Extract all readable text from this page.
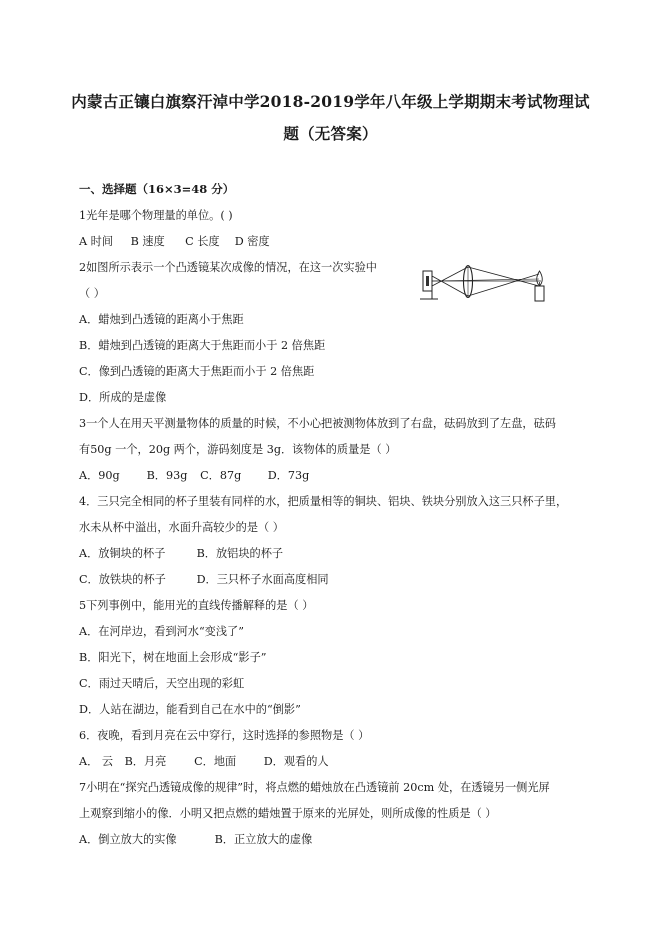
内蒙古正镶白旗察汗淖中学2018-2019学年八年级上学期期末考试物理试
题（无答案）
一、选择题（16×3=48 分）
1光年是哪个物理量的单位。( )
A 时间 B 速度 C 长度 D 密度
2如图所示表示一个凸透镜某次成像的情况，在这一次实验中
（ ）
A．蜡烛到凸透镜的距离小于焦距
B．蜡烛到凸透镜的距离大于焦距而小于 2 倍焦距
C．像到凸透镜的距离大于焦距而小于 2 倍焦距
D．所成的是虚像
3一个人在用天平测量物体的质量的时候，不小心把被测物体放到了右盘，砝码放到了左盘，砝码
有50g 一个，20g 两个，游码刻度是 3g．该物体的质量是（ ）
A．90g B．93g C．87g D．73g
4．三只完全相同的杯子里装有同样的水，把质量相等的铜块、铝块、铁块分别放入这三只杯子里，
水未从杯中溢出，水面升高较少的是（ ）
A．放铜块的杯子	B．放铝块的杯子
C．放铁块的杯子	D．三只杯子水面高度相同
5下列事例中，能用光的直线传播解释的是（ ）
A．在河岸边，看到河水“变浅了”
B．阳光下，树在地面上会形成“影子”
C．雨过天晴后，天空出现的彩虹
D．人站在湖边，能看到自己在水中的“倒影”
6．夜晚，看到月亮在云中穿行，这时选择的参照物是（ ）
A． 云 B．月亮 C．地面 D．观看的人
7小明在“探究凸透镜成像的规律”时，将点燃的蜡烛放在凸透镜前 20cm 处，在透镜另一侧光屏
上观察到缩小的像．小明又把点燃的蜡烛置于原来的光屏处，则所成像的性质是（ ）
A．倒立放大的实像	B．正立放大的虚像
